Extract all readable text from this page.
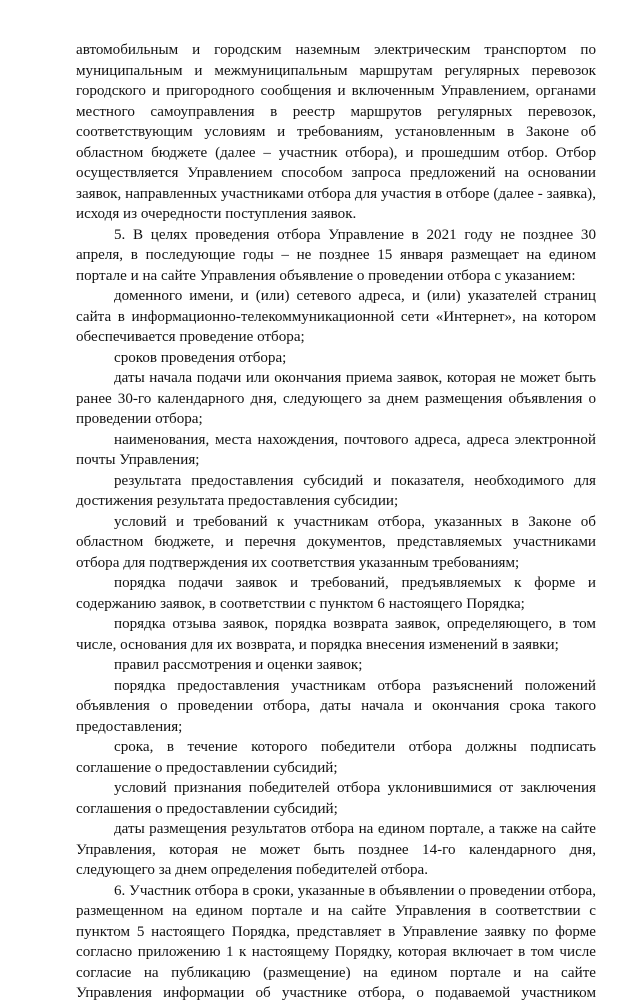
автомобильным и городским наземным электрическим транспортом по муниципальным и межмуниципальным маршрутам регулярных перевозок городского и пригородного сообщения и включенным Управлением, органами местного самоуправления в реестр маршрутов регулярных перевозок, соответствующим условиям и требованиям, установленным в Законе об областном бюджете (далее – участник отбора), и прошедшим отбор. Отбор осуществляется Управлением способом запроса предложений на основании заявок, направленных участниками отбора для участия в отборе (далее - заявка), исходя из очередности поступления заявок.

5. В целях проведения отбора Управление в 2021 году не позднее 30 апреля, в последующие годы – не позднее 15 января размещает на едином портале и на сайте Управления объявление о проведении отбора с указанием:

доменного имени, и (или) сетевого адреса, и (или) указателей страниц сайта в информационно-телекоммуникационной сети «Интернет», на котором обеспечивается проведение отбора;

сроков проведения отбора;

даты начала подачи или окончания приема заявок, которая не может быть ранее 30-го календарного дня, следующего за днем размещения объявления о проведении отбора;

наименования, места нахождения, почтового адреса, адреса электронной почты Управления;

результата предоставления субсидий и показателя, необходимого для достижения результата предоставления субсидии;

условий и требований к участникам отбора, указанных в Законе об областном бюджете, и перечня документов, представляемых участниками отбора для подтверждения их соответствия указанным требованиям;

порядка подачи заявок и требований, предъявляемых к форме и содержанию заявок, в соответствии с пунктом 6 настоящего Порядка;

порядка отзыва заявок, порядка возврата заявок, определяющего, в том числе, основания для их возврата, и порядка внесения изменений в заявки;

правил рассмотрения и оценки заявок;

порядка предоставления участникам отбора разъяснений положений объявления о проведении отбора, даты начала и окончания срока такого предоставления;

срока, в течение которого победители отбора должны подписать соглашение о предоставлении субсидий;

условий признания победителей отбора уклонившимися от заключения соглашения о предоставлении субсидий;

даты размещения результатов отбора на едином портале, а также на сайте Управления, которая не может быть позднее 14-го календарного дня, следующего за днем определения победителей отбора.

6. Участник отбора в сроки, указанные в объявлении о проведении отбора, размещенном на едином портале и на сайте Управления в соответствии с пунктом 5 настоящего Порядка, представляет в Управление заявку по форме согласно приложению 1 к настоящему Порядку, которая включает в том числе согласие на публикацию (размещение) на едином портале и на сайте Управления информации об участнике отбора, о подаваемой участником
